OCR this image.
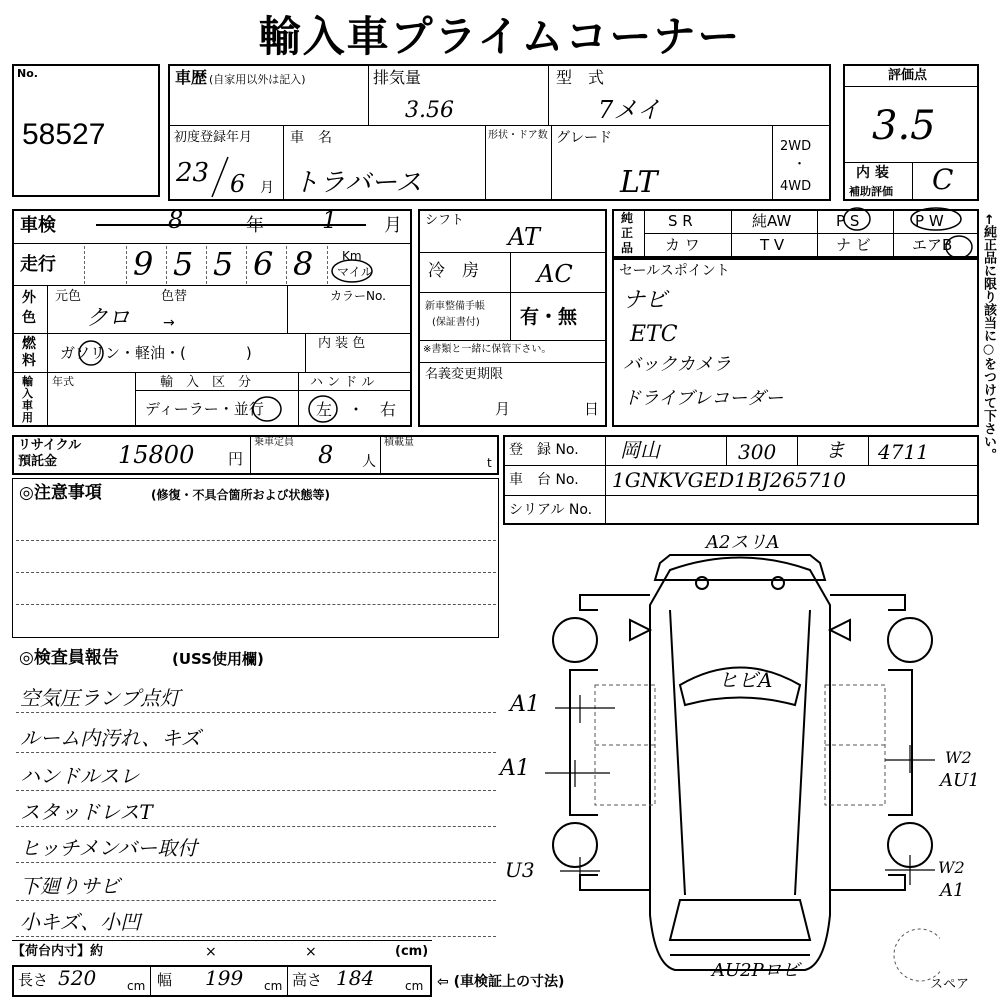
輸入車プライムコーナー
No.
58527
車歴 (自家用以外は記入)	排気量
3.56
型　式
7メイ
初度登録年月
23 6 月
車　名
トラバース
形状・ドア数 グレード
LT
2WD
・
4WD
評価点
3.5
内 装
補助評価 C
車検	8	年 1	月
走行 9 5 5 6 8 Km
マイル
外
色
元色	色替
クロ →
カラーNo.
燃
料 ガソリン・軽油・(　　　　)
内 装 色
輸
入
車
用
年式	輸　入　区　分
ディーラー・並行
ハ ン ド ル
左　・　右
シフト
AT
冷　房 AC
新車整備手帳
(保証書付) 有・無
※書類と一緒に保管下さい。
名義変更期限
月	日
純
正
品
S R	純AW	P S	P W
カ ワ	T V	ナ ビ	エアB ←純正品に限り該当に○をつけて下さい。
セールスポイント
ナビ
ETC
バックカメラ
ドライブレコーダー
リサイクル
預託金	15800 円
乗車定員 8 人
積載量
t
登　録 No. 岡山	300 ま 4711
車　台 No. 1GNKVGED1BJ265710
シリアル No.
◎注意事項	(修復・不具合箇所および状態等)
◎検査員報告	(USS使用欄)
空気圧ランプ点灯
ルーム内汚れ、キズ
ハンドルスレ
スタッドレスT
ヒッチメンバー取付
下廻りサビ
小キズ、小凹
【荷台内寸】約	×	×	(cm)
長さ 520	cm 幅 199 cm 高さ 184	cm ⇦ (車検証上の寸法)
A2スリA
ヒビA
A1
A1
U3
W2
AU1
W2
A1
AU2Pロビ
スペア
